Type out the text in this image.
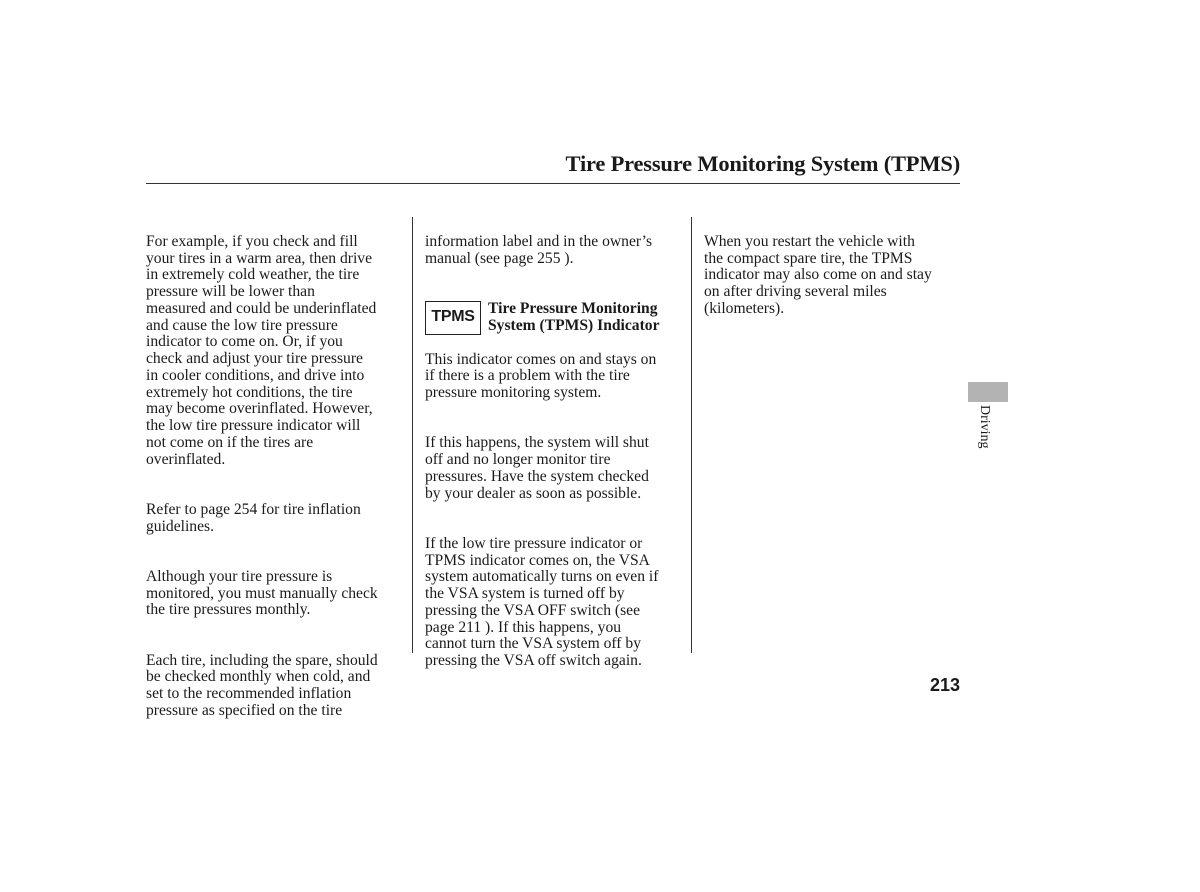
Tire Pressure Monitoring System (TPMS)

For example, if you check and fill
your tires in a warm area, then drive
in extremely cold weather, the tire
pressure will be lower than
measured and could be underinflated
and cause the low tire pressure
indicator to come on. Or, if you
check and adjust your tire pressure
in cooler conditions, and drive into
extremely hot conditions, the tire
may become overinflated. However,
the low tire pressure indicator will
not come on if the tires are
overinflated.

Refer to page 254 for tire inflation
guidelines.

Although your tire pressure is
monitored, you must manually check
the tire pressures monthly.

Each tire, including the spare, should
be checked monthly when cold, and
set to the recommended inflation
pressure as specified on the tire

information label and in the owner’s
manual (see page 255 ).

TPMS
Tire Pressure Monitoring
System (TPMS) Indicator

This indicator comes on and stays on
if there is a problem with the tire
pressure monitoring system.

If this happens, the system will shut
off and no longer monitor tire
pressures. Have the system checked
by your dealer as soon as possible.

If the low tire pressure indicator or
TPMS indicator comes on, the VSA
system automatically turns on even if
the VSA system is turned off by
pressing the VSA OFF switch (see
page 211 ). If this happens, you
cannot turn the VSA system off by
pressing the VSA off switch again.

When you restart the vehicle with
the compact spare tire, the TPMS
indicator may also come on and stay
on after driving several miles
(kilometers).

Driving
213
